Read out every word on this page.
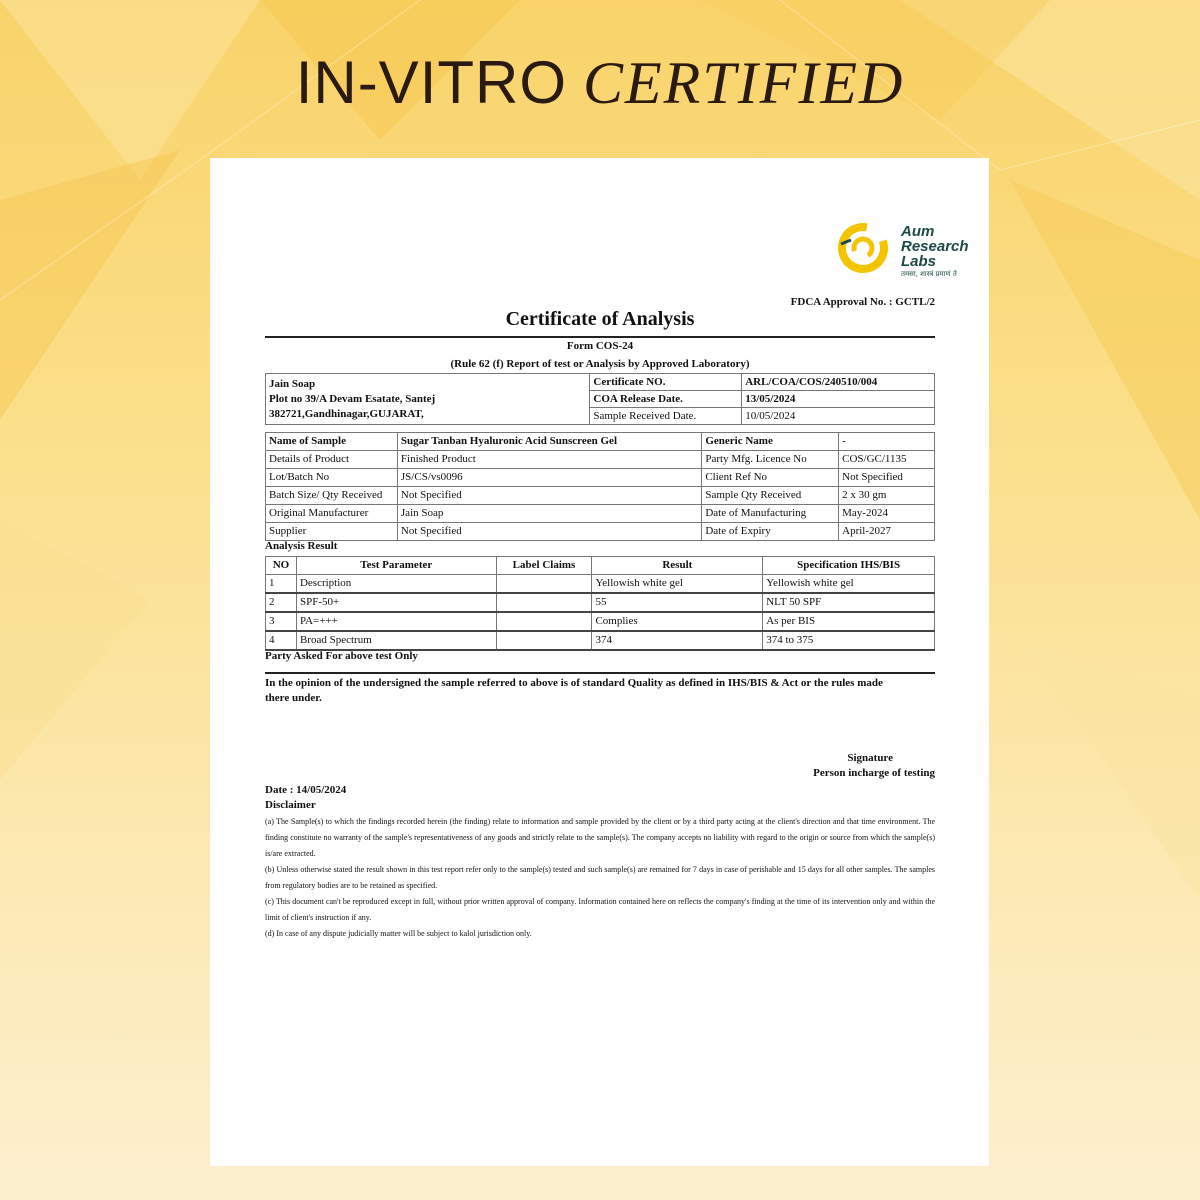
IN-VITRO CERTIFIED
Aum
Research
Labs
तमसा, शास्त्रं प्रमाणं ते
FDCA Approval No. : GCTL/2
Certificate of Analysis
Form COS-24
(Rule 62 (f) Report of test or Analysis by Approved Laboratory)
Jain Soap
Plot no 39/A Devam Esatate, Santej
382721,Gandhinagar,GUJARAT,	Certificate NO.	ARL/COA/COS/240510/004
	COA Release Date.	13/05/2024
	Sample Received Date.	10/05/2024
Name of Sample	Sugar Tanban Hyaluronic Acid Sunscreen Gel	Generic Name	-
Details of Product	Finished Product	Party Mfg. Licence No	COS/GC/1135
Lot/Batch No	JS/CS/vs0096	Client Ref No	Not Specified
Batch Size/ Qty Received	Not Specified	Sample Qty Received	2 x 30 gm
Original Manufacturer	Jain Soap	Date of Manufacturing	May-2024
Supplier	Not Specified	Date of Expiry	April-2027
Analysis Result
NO	Test Parameter	Label Claims	Result	Specification IHS/BIS
1	Description		Yellowish white gel	Yellowish white gel
2	SPF-50+		55	NLT 50 SPF
3	PA=+++		Complies	As per BIS
4	Broad Spectrum		374	374 to 375
Party Asked For above test Only
In the opinion of the undersigned the sample referred to above is of standard Quality as defined in IHS/BIS & Act or the rules made there under.
Signature
Person incharge of testing
Date : 14/05/2024
Disclaimer
(a) The Sample(s) to which the findings recorded herein (the finding) relate to information and sample provided by the client or by a third party acting at the client's direction and that time environment. The finding constitute no warranty of the sample's representativeness of any goods and strictly relate to the sample(s). The company accepts no liability with regard to the origin or source from which the sample(s) is/are extracted.
(b) Unless otherwise stated the result shown in this test report refer only to the sample(s) tested and such sample(s) are remained for 7 days in case of perishable and 15 days for all other samples. The samples from regulatory bodies are to be retained as specified.
(c) This document can't be reproduced except in full, without prior written approval of company. Information contained here on reflects the company's finding at the time of its intervention only and within the limit of client's instruction if any.
(d) In case of any dispute judicially matter will be subject to kalol jurisdiction only.
